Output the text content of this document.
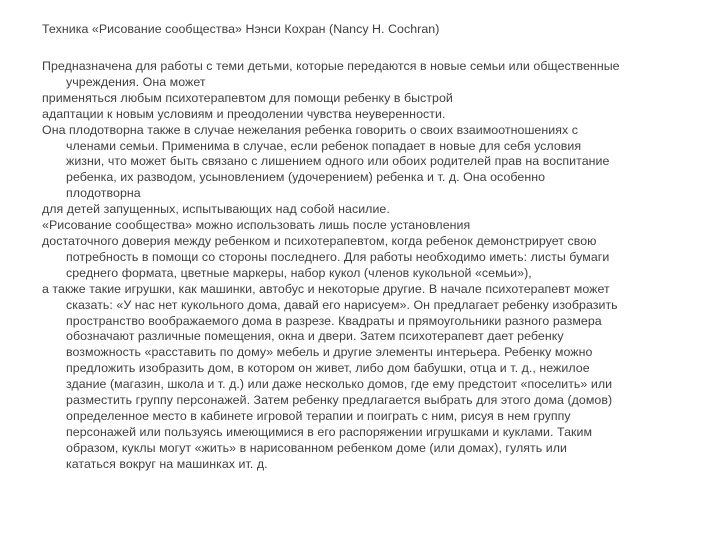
Техника «Рисование сообщества» Нэнси Кохран (Nancy H. Cochran)

Предназначена для работы с теми детьми, которые передаются в новые семьи или общественные
учреждения. Она может

применяться любым психотерапевтом для помощи ребенку в быстрой

адаптации к новым условиям и преодолении чувства неуверенности.

Она плодотворна также в случае нежелания ребенка говорить о своих взаимоотношениях с
членами семьи. Применима в случае, если ребенок попадает в новые для себя условия
жизни, что может быть связано с лишением одного или обоих родителей прав на воспитание
ребенка, их разводом, усыновлением (удочерением) ребенка и т. д. Она особенно
плодотворна

для детей запущенных, испытывающих над собой насилие.

«Рисование сообщества» можно использовать лишь после установления

достаточного доверия между ребенком и психотерапевтом, когда ребенок демонстрирует свою
потребность в помощи со стороны последнего. Для работы необходимо иметь: листы бумаги
среднего формата, цветные маркеры, набор кукол (членов кукольной «семьи»),

а также такие игрушки, как машинки, автобус и некоторые другие. В начале психотерапевт может
сказать: «У нас нет кукольного дома, давай его нарисуем». Он предлагает ребенку изобразить
пространство воображаемого дома в разрезе. Квадраты и прямоугольники разного размера
обозначают различные помещения, окна и двери. Затем психотерапевт дает ребенку
возможность «расставить по дому» мебель и другие элементы интерьера. Ребенку можно
предложить изобразить дом, в котором он живет, либо дом бабушки, отца и т. д., нежилое
здание (магазин, школа и т. д.) или даже несколько домов, где ему предстоит «поселить» или
разместить группу персонажей. Затем ребенку предлагается выбрать для этого дома (домов)
определенное место в кабинете игровой терапии и поиграть с ним, рисуя в нем группу
персонажей или пользуясь имеющимися в его распоряжении игрушками и куклами. Таким
образом, куклы могут «жить» в нарисованном ребенком доме (или домах), гулять или
кататься вокруг на машинках ит. д.
